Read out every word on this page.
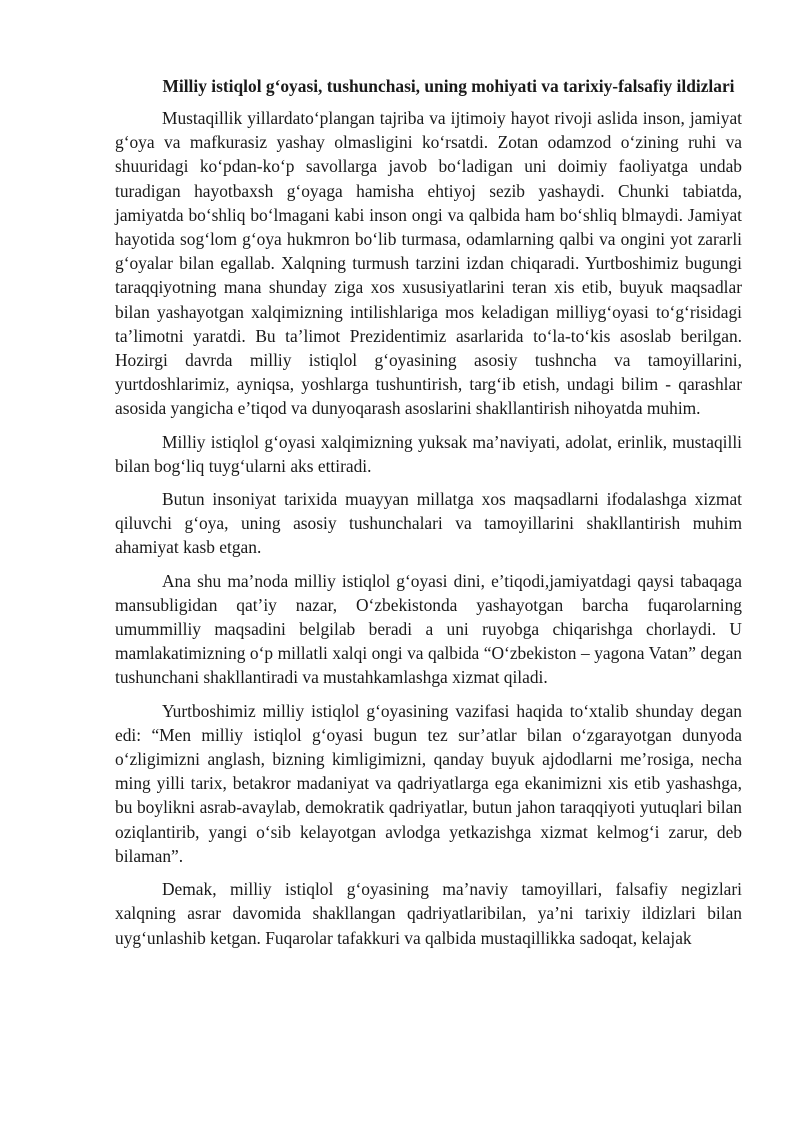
Milliy istiqlol g‘oyasi, tushunchasi, uning mohiyati va tarixiy-falsafiy ildizlari

Mustaqillik yillardato‘plangan tajriba va ijtimoiy hayot rivoji aslida inson, jamiyat g‘oya va mafkurasiz yashay olmasligini ko‘rsatdi. Zotan odamzod o‘zining ruhi va shuuridagi ko‘pdan-ko‘p savollarga javob bo‘ladigan uni doimiy faoliyatga undab turadigan hayotbaxsh g‘oyaga hamisha ehtiyoj sezib yashaydi. Chunki tabiatda, jamiyatda bo‘shliq bo‘lmagani kabi inson ongi va qalbida ham bo‘shliq blmaydi. Jamiyat hayotida sog‘lom g‘oya hukmron bo‘lib turmasa, odamlarning qalbi va ongini yot zararli g‘oyalar bilan egallab. Xalqning turmush tarzini izdan chiqaradi. Yurtboshimiz bugungi taraqqiyotning mana shunday ziga xos xususiyatlarini teran xis etib, buyuk maqsadlar bilan yashayotgan xalqimizning intilishlariga mos keladigan milliyg‘oyasi to‘g‘risidagi ta’limotni yaratdi. Bu ta’limot Prezidentimiz asarlarida to‘la-to‘kis asoslab berilgan. Hozirgi davrda milliy istiqlol g‘oyasining asosiy tushncha va tamoyillarini, yurtdoshlarimiz, ayniqsa, yoshlarga tushuntirish, targ‘ib etish, undagi bilim - qarashlar asosida yangicha e’tiqod va dunyoqarash asoslarini shakllantirish nihoyatda muhim.

Milliy istiqlol g‘oyasi xalqimizning yuksak ma’naviyati, adolat, erinlik, mustaqilli bilan bog‘liq tuyg‘ularni aks ettiradi.

Butun insoniyat tarixida muayyan millatga xos maqsadlarni ifodalashga xizmat qiluvchi g‘oya, uning asosiy tushunchalari va tamoyillarini shakllantirish muhim ahamiyat kasb etgan.

Ana shu ma’noda milliy istiqlol g‘oyasi dini, e’tiqodi,jamiyatdagi qaysi tabaqaga mansubligidan qat’iy nazar, O‘zbekistonda yashayotgan barcha fuqarolarning umummilliy maqsadini belgilab beradi a uni ruyobga chiqarishga chorlaydi. U mamlakatimizning o‘p millatli xalqi ongi va qalbida “O‘zbekiston – yagona Vatan” degan tushunchani shakllantiradi va mustahkamlashga xizmat qiladi.

Yurtboshimiz milliy istiqlol g‘oyasining vazifasi haqida to‘xtalib shunday degan edi: “Men milliy istiqlol g‘oyasi bugun tez sur’atlar bilan o‘zgarayotgan dunyoda o‘zligimizni anglash, bizning kimligimizni, qanday buyuk ajdodlarni me’rosiga, necha ming yilli tarix, betakror madaniyat va qadriyatlarga ega ekanimizni xis etib yashashga, bu boylikni asrab-avaylab, demokratik qadriyatlar, butun jahon taraqqiyoti yutuqlari bilan oziqlantirib, yangi o‘sib kelayotgan avlodga yetkazishga xizmat kelmog‘i zarur, deb bilaman”.

Demak, milliy istiqlol g‘oyasining ma’naviy tamoyillari, falsafiy negizlari xalqning asrar davomida shakllangan qadriyatlaribilan, ya’ni tarixiy ildizlari bilan uyg‘unlashib ketgan. Fuqarolar tafakkuri va qalbida mustaqillikka sadoqat, kelajak
